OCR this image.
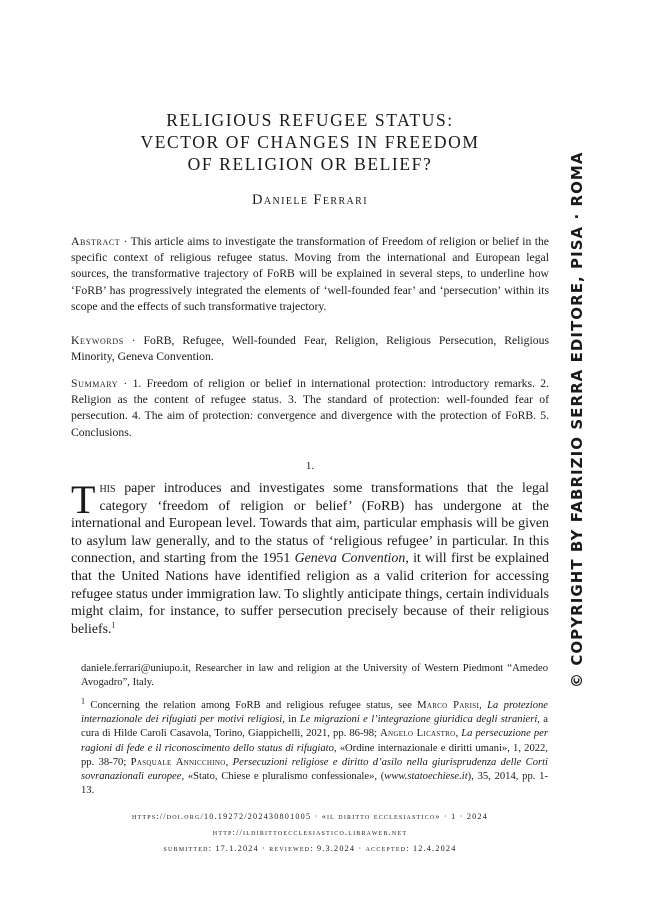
RELIGIOUS REFUGEE STATUS:
VECTOR OF CHANGES IN FREEDOM
OF RELIGION OR BELIEF?
Daniele Ferrari

Abstract · This article aims to investigate the transformation of Freedom of religion or belief in the specific context of religious refugee status. Moving from the international and European legal sources, the transformative trajectory of FoRB will be explained in several steps, to underline how ‘FoRB’ has progressively integrated the elements of ‘well-founded fear’ and ‘persecution’ within its scope and the effects of such transformative trajectory.

Keywords · FoRB, Refugee, Well-founded Fear, Religion, Religious Persecution, Religious Minority, Geneva Convention.

Summary · 1. Freedom of religion or belief in international protection: introductory remarks. 2. Religion as the content of refugee status. 3. The standard of protection: well-founded fear of persecution. 4. The aim of protection: convergence and divergence with the protection of FoRB. 5. Conclusions.

1.

This paper introduces and investigates some transformations that the legal category ‘freedom of religion or belief’ (FoRB) has undergone at the international and European level. Towards that aim, particular emphasis will be given to asylum law generally, and to the status of ‘religious refugee’ in particular. In this connection, and starting from the 1951 Geneva Convention, it will first be explained that the United Nations have identified religion as a valid criterion for accessing refugee status under immigration law. To slightly anticipate things, certain individuals might claim, for instance, to suffer persecution precisely because of their religious beliefs.$^1$

daniele.ferrari@uniupo.it, Researcher in law and religion at the University of Western Piedmont “Amedeo Avogadro”, Italy.

$^1$ Concerning the relation among FoRB and religious refugee status, see Marco Parisi, La protezione internazionale dei rifugiati per motivi religiosi, in Le migrazioni e l’integrazione giuridica degli stranieri, a cura di Hilde Caroli Casavola, Torino, Giappichelli, 2021, pp. 86-98; Angelo Licastro, La persecuzione per ragioni di fede e il riconoscimento dello status di rifugiato, «Ordine internazionale e diritti umani», 1, 2022, pp. 38-70; Pasquale Annicchino, Persecuzioni religiose e diritto d’asilo nella giurisprudenza delle Corti sovranazionali europee, «Stato, Chiese e pluralismo confessionale», (www.statoechiese.it), 35, 2014, pp. 1-13.

https://doi.org/10.19272/202430801005 · «il diritto ecclesiastico» · 1 · 2024
http://ildirittoecclesiastico.libraweb.net
submitted: 17.1.2024 · reviewed: 9.3.2024 · accepted: 12.4.2024
© COPYRIGHT BY FABRIZIO SERRA EDITORE, PISA · ROMA
